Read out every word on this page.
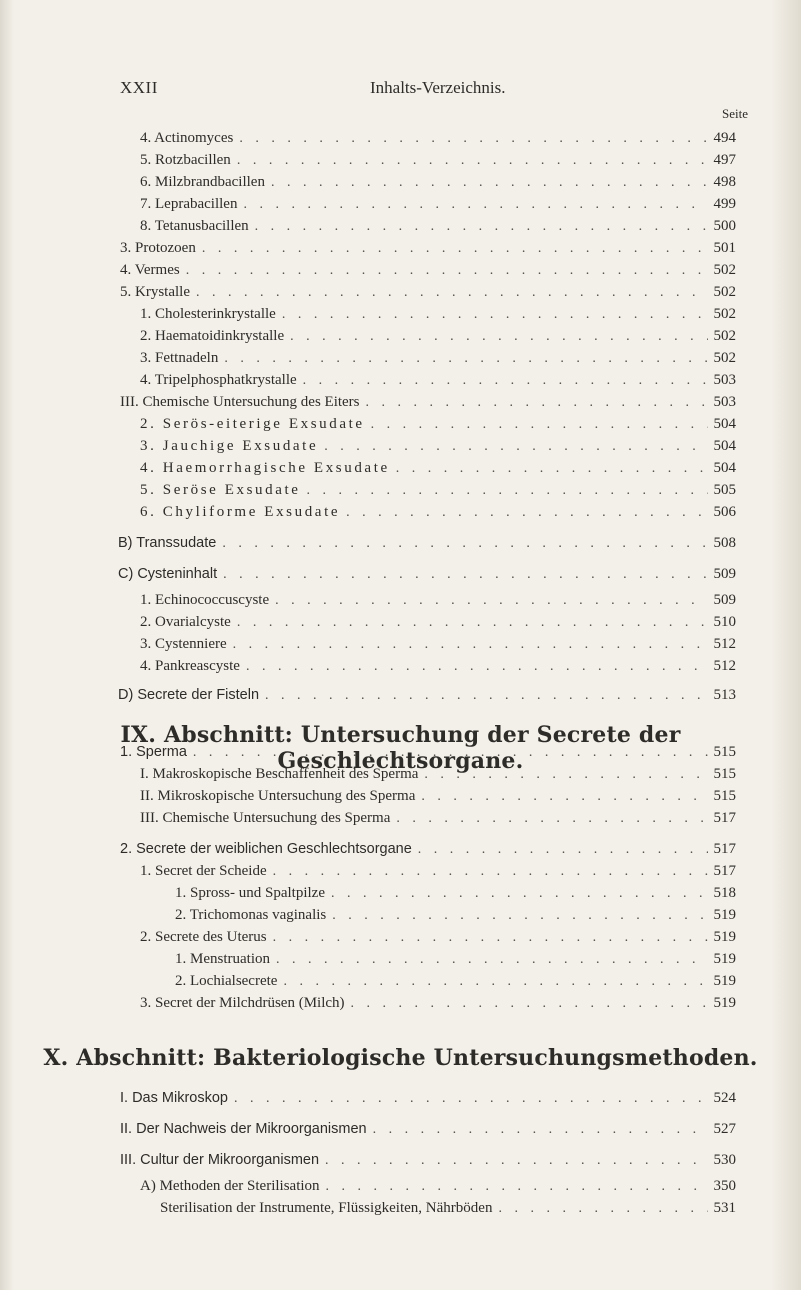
XXII	Inhalts-Verzeichnis.
Seite
4. Actinomyces . . .	494
5. Rotzbacillen . . .	497
6. Milzbrandbacillen . . .	498
7. Leprabacillen . . .	499
8. Tetanusbacillen . . .	500
3. Protozoen . . .	501
4. Vermes . . .	502
5. Krystalle . . .	502
1. Cholesterinkrystalle . . .	502
2. Haematoidinkrystalle . . .	502
3. Fettnadeln . . .	502
4. Tripelphosphatkrystalle . . .	503
III. Chemische Untersuchung des Eiters . . .	503
2. Serös-eiterige Exsudate . . .	504
3. Jauchige Exsudate . . .	504
4. Haemorrhagische Exsudate . . .	504
5. Seröse Exsudate . . .	505
6. Chyliforme Exsudate . . .	506
B) Transsudate . . .	508
C) Cysteninhalt . . .	509
1. Echinococcuscyste . . .	509
2. Ovarialcyste . . .	510
3. Cystenniere . . .	512
4. Pankreascyste . . .	512
D) Secrete der Fisteln . . .	513
1. Sperma . . .	515
I. Makroskopische Beschaffenheit des Sperma . . .	515
II. Mikroskopische Untersuchung des Sperma . . .	515
III. Chemische Untersuchung des Sperma . . .	517
2. Secrete der weiblichen Geschlechtsorgane . . .	517
1. Secret der Scheide . . .	517
1. Spross- und Spaltpilze . . .	518
2. Trichomonas vaginalis . . .	519
2. Secrete des Uterus . . .	519
1. Menstruation . . .	519
2. Lochialsecrete . . .	519
3. Secret der Milchdrüsen (Milch) . . .	519
I. Das Mikroskop . . .	524
II. Der Nachweis der Mikroorganismen . . .	527
III. Cultur der Mikroorganismen . . .	530
A) Methoden der Sterilisation . . .	350
Sterilisation der Instrumente, Flüssigkeiten, Nährböden . . .	531
IX. Abschnitt: Untersuchung der Secrete der Geschlechtsorgane.
X. Abschnitt: Bakteriologische Untersuchungsmethoden.
